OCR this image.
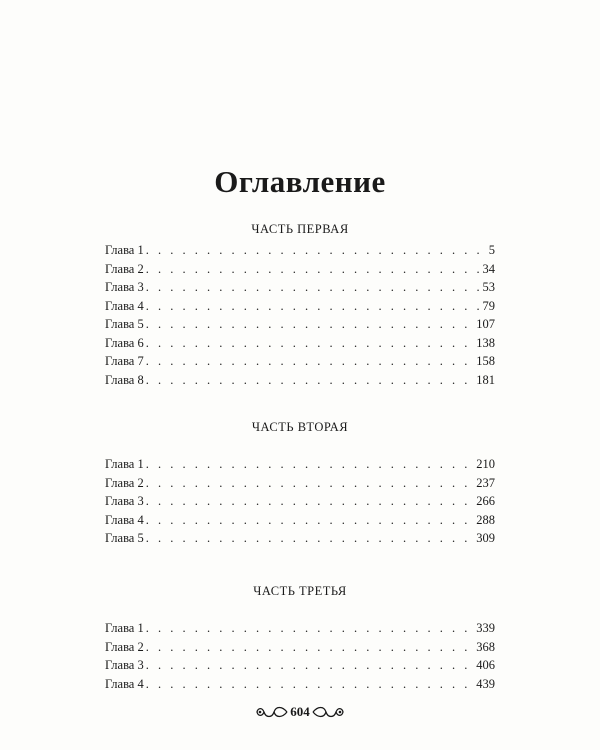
Оглавление
ЧАСТЬ ПЕРВАЯ
Глава 1 . . .	5
Глава 2 . . .	34
Глава 3 . . .	53
Глава 4 . . .	79
Глава 5 . . .	107
Глава 6 . . .	138
Глава 7 . . .	158
Глава 8 . . .	181
ЧАСТЬ ВТОРАЯ
Глава 1 . . .	210
Глава 2 . . .	237
Глава 3 . . .	266
Глава 4 . . .	288
Глава 5 . . .	309
ЧАСТЬ ТРЕТЬЯ
Глава 1 . . .	339
Глава 2 . . .	368
Глава 3 . . .	406
Глава 4 . . .	439
604
